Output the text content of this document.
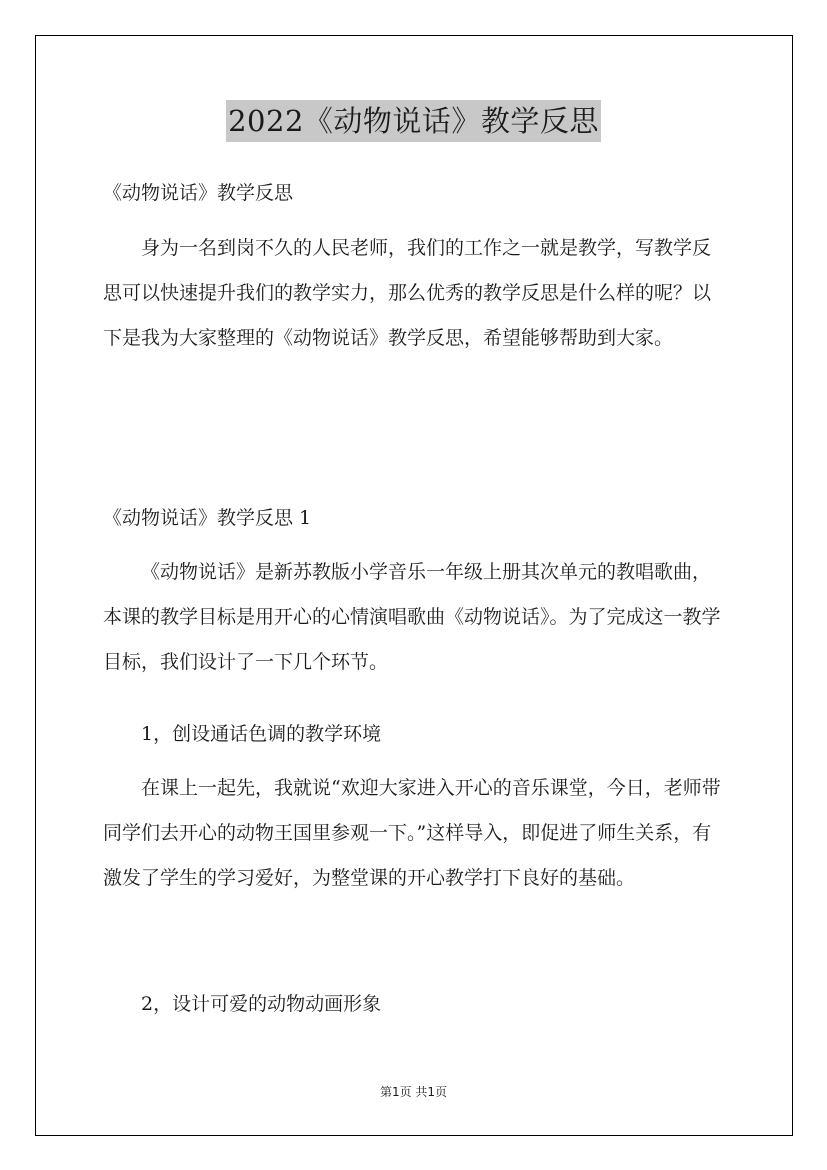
2022《动物说话》教学反思

《动物说话》教学反思

身为一名到岗不久的人民老师，我们的工作之一就是教学，写教学反思可以快速提升我们的教学实力，那么优秀的教学反思是什么样的呢？以下是我为大家整理的《动物说话》教学反思，希望能够帮助到大家。

《动物说话》教学反思 1

《动物说话》是新苏教版小学音乐一年级上册其次单元的教唱歌曲，本课的教学目标是用开心的心情演唱歌曲《动物说话》。为了完成这一教学目标，我们设计了一下几个环节。

1，创设通话色调的教学环境

在课上一起先，我就说“欢迎大家进入开心的音乐课堂，今日，老师带同学们去开心的动物王国里参观一下。”这样导入，即促进了师生关系，有激发了学生的学习爱好，为整堂课的开心教学打下良好的基础。

2，设计可爱的动物动画形象

第1页 共1页
